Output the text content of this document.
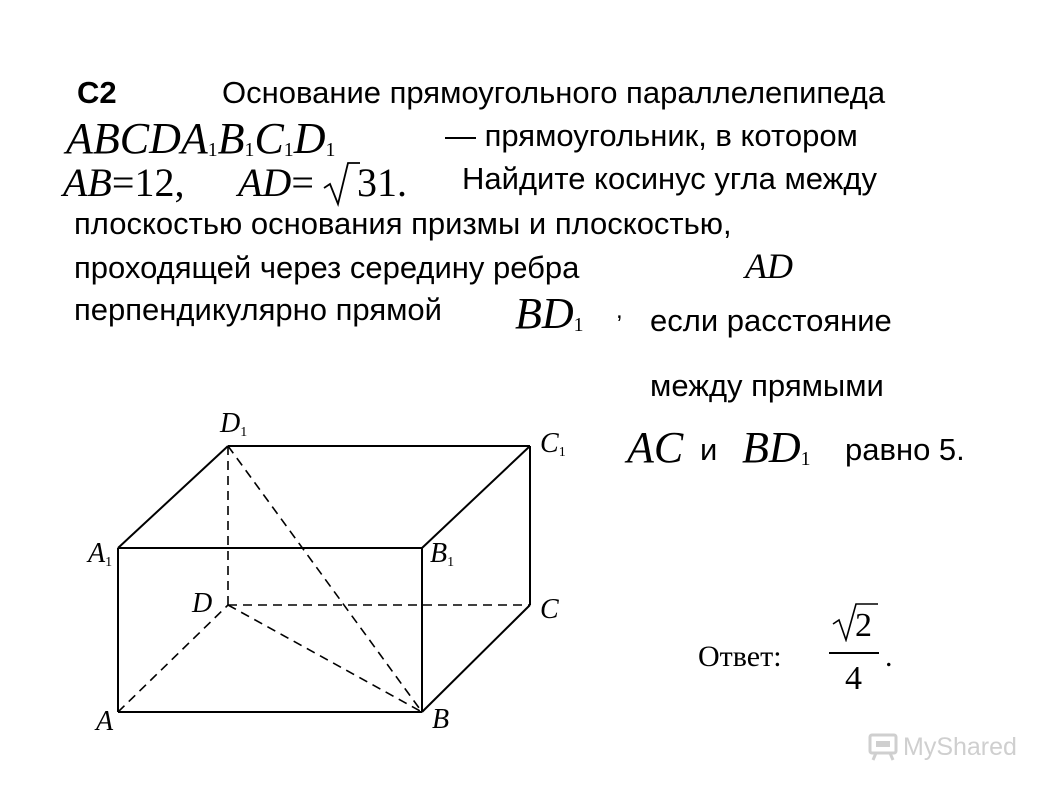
C2	Основание прямоугольного параллелепипеда
$ABCDA_1B_1C_1D_1$	— прямоугольник, в котором
AB=12, AD= 31. Найдите косинус угла между
плоскостью основания призмы и плоскостью,
проходящей через середину ребра	AD
перпендикулярно прямой $BD_1$
, если расстояние
между прямыми
AC и $BD_1$ равно 5.
A	B
C
D
A1	B1
C1
D1
Ответ:
2
4
.
MyShared
